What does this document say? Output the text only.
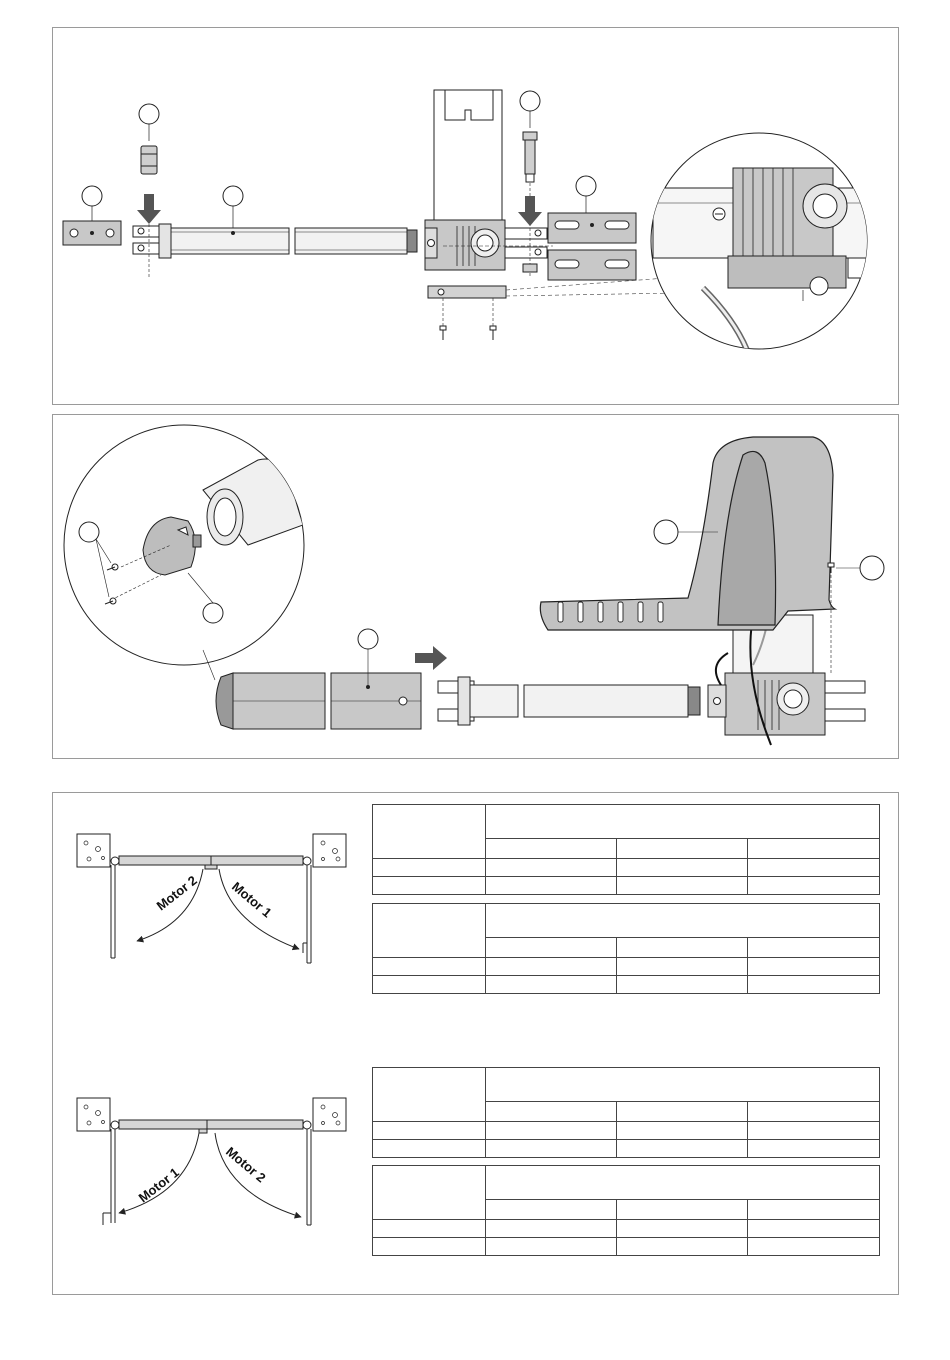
Motor 2 Motor 1
Motor 1	Motor 2
